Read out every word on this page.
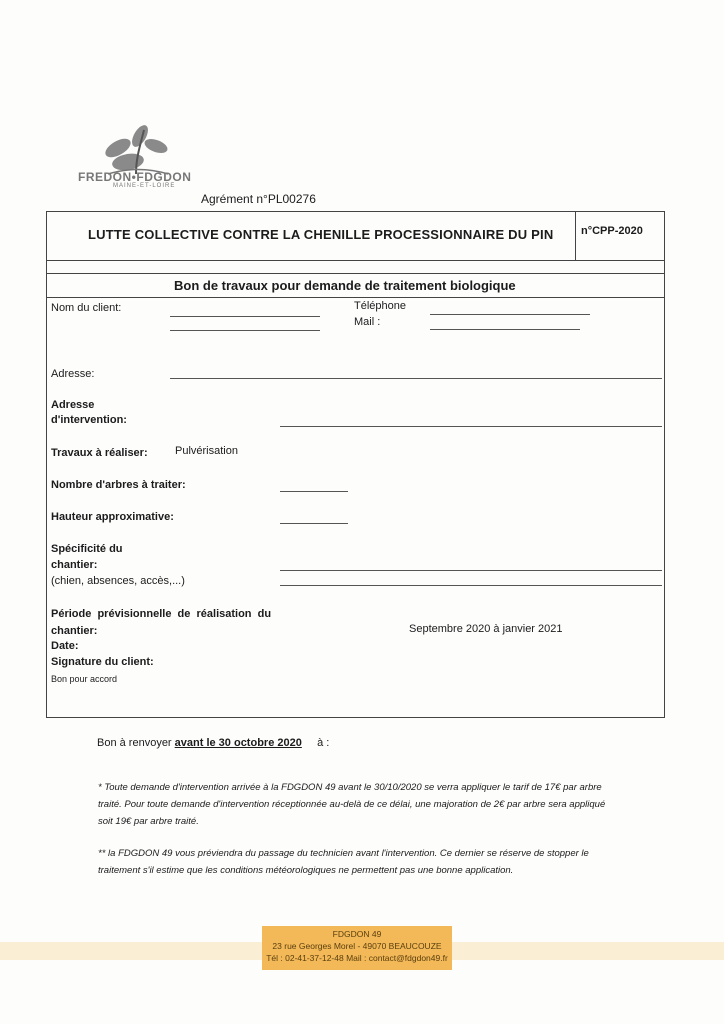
FREDON•FDGDON
MAINE-ET-LOIRE
Agrément n°PL00276
LUTTE COLLECTIVE CONTRE LA CHENILLE PROCESSIONNAIRE DU PIN	n°CPP-2020
Bon de travaux pour demande de traitement biologique
Nom du client:	Téléphone
Mail :
Adresse:
Adresse
d'intervention:
Travaux à réaliser: Pulvérisation
Nombre d'arbres à traiter:
Hauteur approximative:
Spécificité du
chantier:
(chien, absences, accès,...)
Période  prévisionnelle  de  réalisation  du
chantier:	Septembre 2020 à janvier 2021
Date:
Signature du client:
Bon pour accord
Bon à renvoyer avant le 30 octobre 2020 à :
* Toute demande d'intervention arrivée à la FDGDON 49 avant le 30/10/2020 se verra appliquer le tarif de 17€ par arbre traité. Pour toute demande d'intervention réceptionnée au-delà de ce délai, une majoration de 2€ par arbre sera appliqué soit 19€ par arbre traité.
** la FDGDON 49 vous préviendra du passage du technicien avant l'intervention. Ce dernier se réserve de stopper le traitement s'il estime que les conditions météorologiques ne permettent pas une bonne application.
FDGDON 49
23 rue Georges Morel - 49070 BEAUCOUZE
Tél : 02-41-37-12-48 Mail : contact@fdgdon49.fr
